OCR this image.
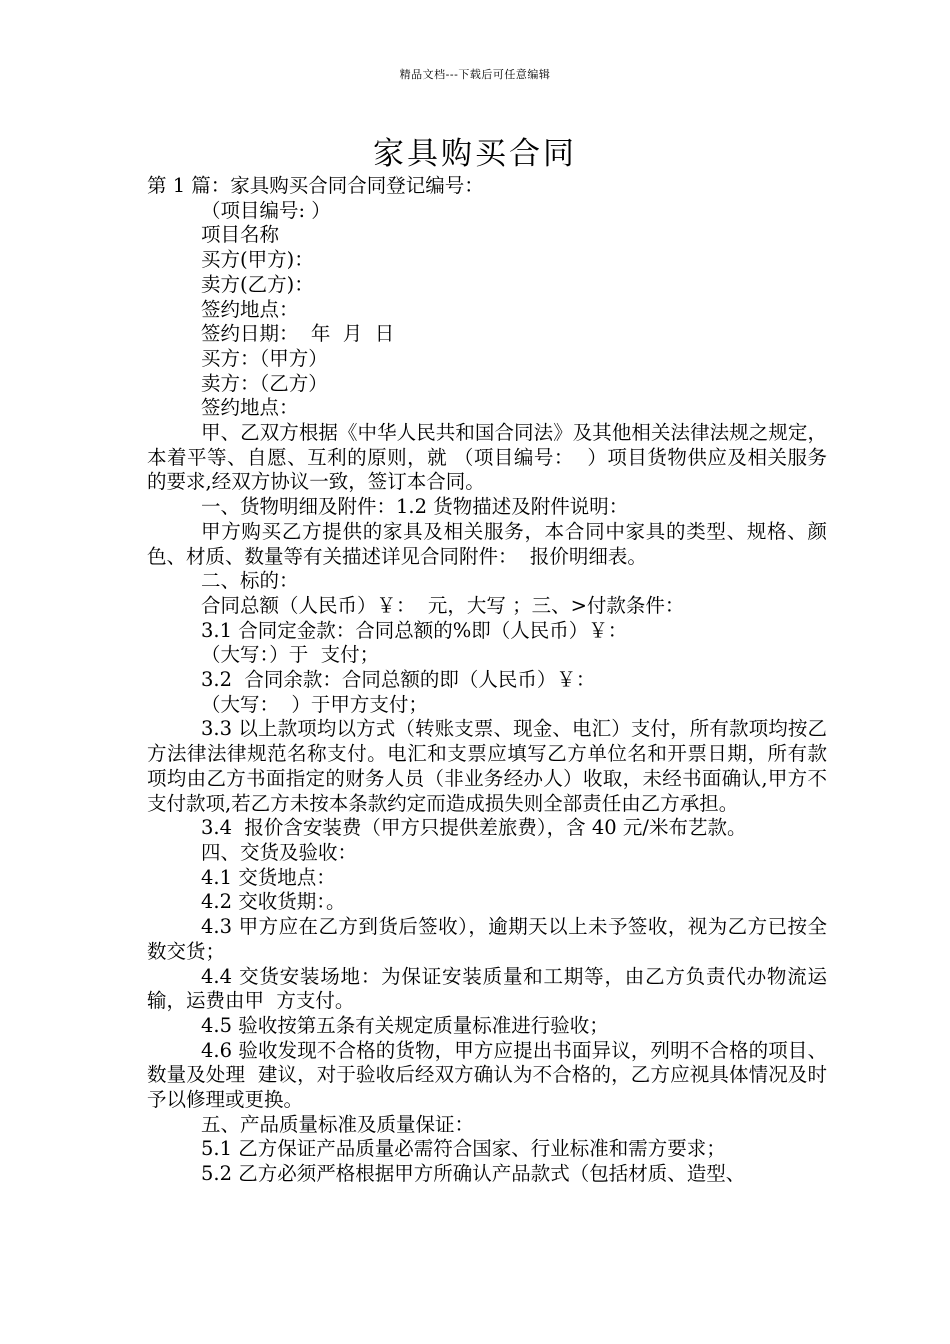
精品文档---下载后可任意编辑
家具购买合同

第 1 篇：家具购买合同合同登记编号：

（项目编号: ）

项目名称

买方(甲方)：

卖方(乙方)：

签约地点：

签约日期：  年  月  日

买方：（甲方）

卖方：（乙方）

签约地点：

甲、乙双方根据《中华人民共和国合同法》及其他相关法律法规之规定，本着平等、自愿、互利的原则，就 （项目编号：  ）项目货物供应及相关服务的要求,经双方协议一致，签订本合同。

一、货物明细及附件：1.2 货物描述及附件说明：

甲方购买乙方提供的家具及相关服务，本合同中家具的类型、规格、颜色、材质、数量等有关描述详见合同附件：  报价明细表。

二、标的：

合同总额（人民币）￥：  元，大写 ；三、>付款条件：

3.1 合同定金款：合同总额的%即（人民币）￥：

（大写：）于  支付；

3.2  合同余款：合同总额的即（人民币）￥：

（大写：  ）于甲方支付；

3.3 以上款项均以方式（转账支票、现金、电汇）支付，所有款项均按乙方法律法律规范名称支付。电汇和支票应填写乙方单位名和开票日期，所有款项均由乙方书面指定的财务人员（非业务经办人）收取，未经书面确认,甲方不支付款项,若乙方未按本条款约定而造成损失则全部责任由乙方承担。

3.4  报价含安装费（甲方只提供差旅费），含 40 元/米布艺款。

四、交货及验收：

4.1 交货地点：

4.2 交收货期：。

4.3 甲方应在乙方到货后签收），逾期天以上未予签收，视为乙方已按全数交货；

4.4 交货安装场地：为保证安装质量和工期等，由乙方负责代办物流运输，运费由甲  方支付。

4.5 验收按第五条有关规定质量标准进行验收；

4.6 验收发现不合格的货物，甲方应提出书面异议，列明不合格的项目、数量及处理  建议，对于验收后经双方确认为不合格的，乙方应视具体情况及时予以修理或更换。

五、产品质量标准及质量保证：

5.1 乙方保证产品质量必需符合国家、行业标准和需方要求；

5.2 乙方必须严格根据甲方所确认产品款式（包括材质、造型、
